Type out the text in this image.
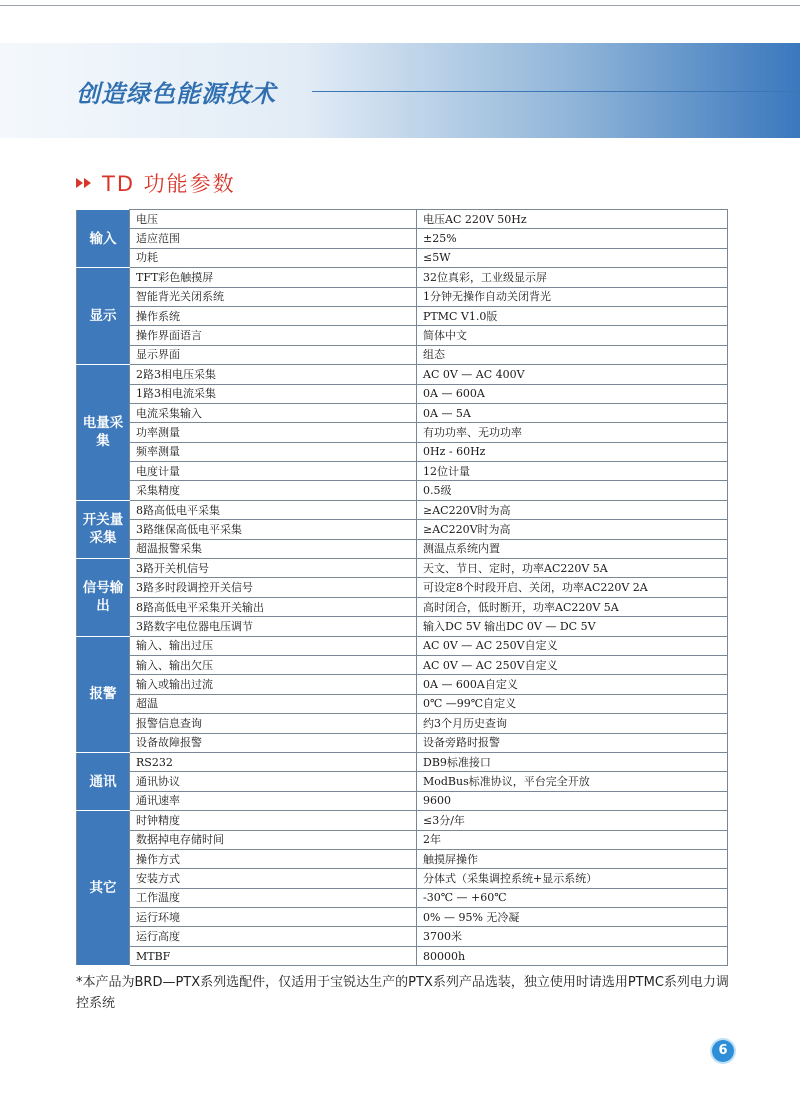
创造绿色能源技术
TD 功能参数
输入	电压	电压AC 220V 50Hz
	适应范围	±25%
	功耗	≤5W
显示	TFT彩色触摸屏	32位真彩，工业级显示屏
	智能背光关闭系统	1分钟无操作自动关闭背光
	操作系统	PTMC V1.0版
	操作界面语言	简体中文
	显示界面	组态
电量采集	2路3相电压采集	AC 0V — AC 400V
	1路3相电流采集	0A — 600A
	电流采集输入	0A — 5A
	功率测量	有功功率、无功功率
	频率测量	0Hz - 60Hz
	电度计量	12位计量
	采集精度	0.5级
开关量采集	8路高低电平采集	≥AC220V时为高
	3路继保高低电平采集	≥AC220V时为高
	超温报警采集	测温点系统内置
信号输出	3路开关机信号	天文、节日、定时，功率AC220V 5A
	3路多时段调控开关信号	可设定8个时段开启、关闭，功率AC220V 2A
	8路高低电平采集开关输出	高时闭合，低时断开，功率AC220V 5A
	3路数字电位器电压调节	输入DC 5V 输出DC 0V — DC 5V
报警	输入、输出过压	AC 0V — AC 250V自定义
	输入、输出欠压	AC 0V — AC 250V自定义
	输入或输出过流	0A — 600A自定义
	超温	0℃ —99℃自定义
	报警信息查询	约3个月历史查询
	设备故障报警	设备旁路时报警
通讯	RS232	DB9标准接口
	通讯协议	ModBus标准协议，平台完全开放
	通讯速率	9600
其它	时钟精度	≤3分/年
	数据掉电存储时间	2年
	操作方式	触摸屏操作
	安装方式	分体式（采集调控系统+显示系统）
	工作温度	-30℃ — +60℃
	运行环境	0% — 95% 无冷凝
	运行高度	3700米
	MTBF	80000h
*本产品为BRD—PTX系列选配件，仅适用于宝锐达生产的PTX系列产品选装，独立使用时请选用PTMC系列电力调控系统
6
